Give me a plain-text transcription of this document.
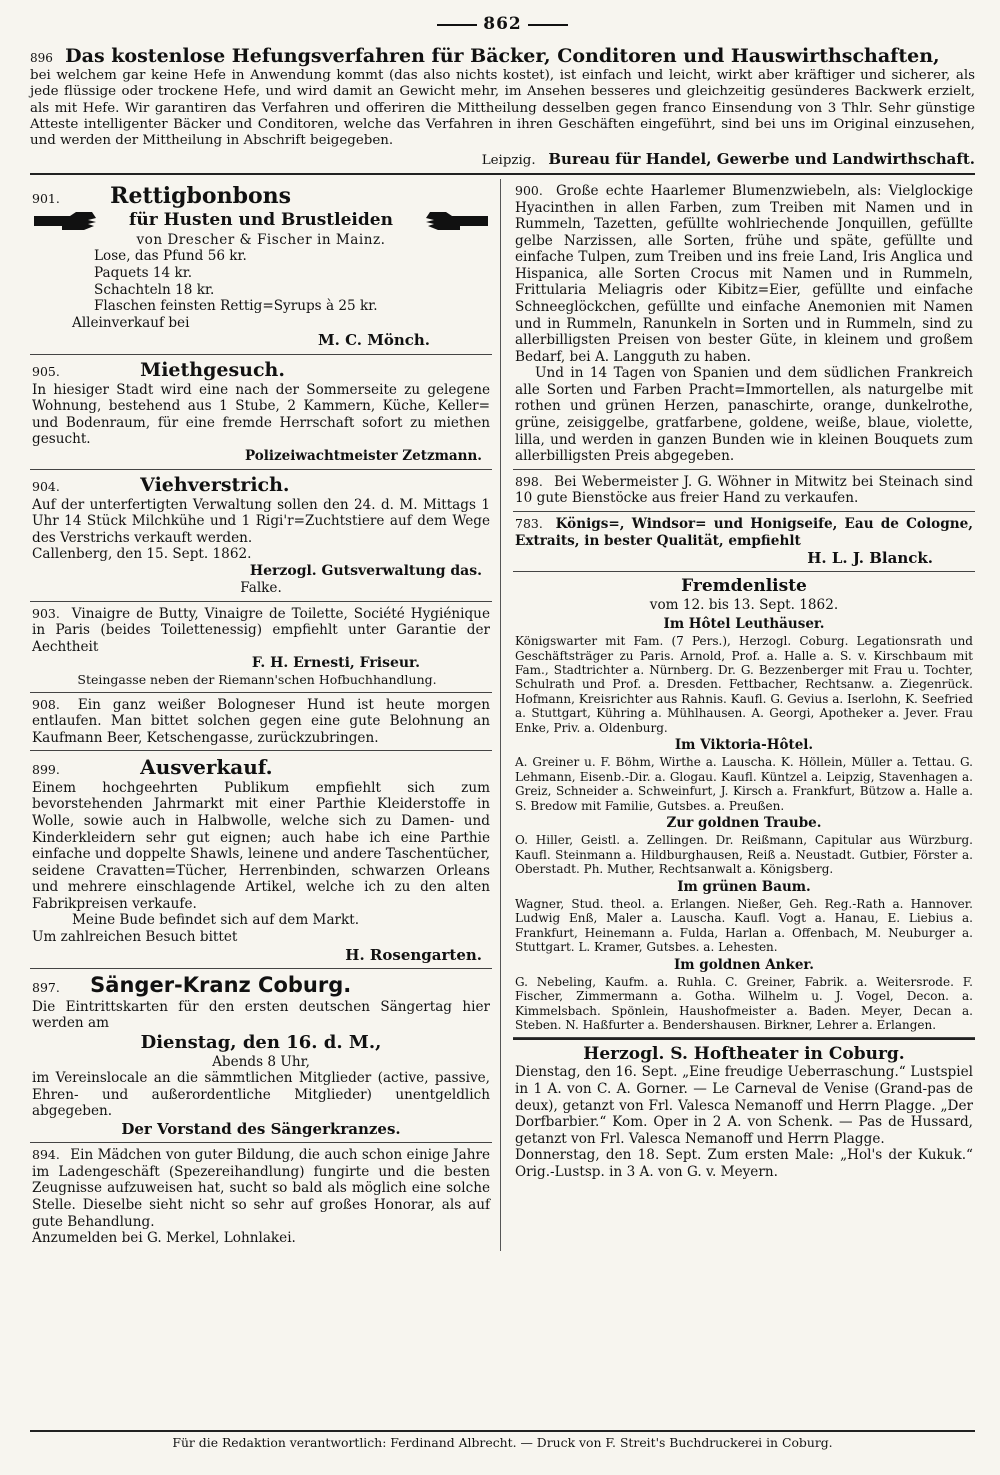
862
896 Das kostenlose Hefungsverfahren für Bäcker, Conditoren und Hauswirthschaften,
bei welchem gar keine Hefe in Anwendung kommt (das also nichts kostet), ist einfach und leicht, wirkt aber kräftiger und sicherer, als jede flüssige oder trockene Hefe, und wird damit an Gewicht mehr, im Ansehen besseres und gleichzeitig gesünderes Backwerk erzielt, als mit Hefe. Wir garantiren das Verfahren und offeriren die Mittheilung desselben gegen franco Einsendung von 3 Thlr. Sehr günstige Atteste intelligenter Bäcker und Conditoren, welche das Verfahren in ihren Geschäften eingeführt, sind bei uns im Original einzusehen, und werden der Mittheilung in Abschrift beigegeben.
Leipzig. Bureau für Handel, Gewerbe und Landwirthschaft.
901. Rettigbonbons
für Husten und Brustleiden
von Drescher & Fischer in Mainz.
Lose, das Pfund 56 kr.
Paquets 14 kr.
Schachteln 18 kr.
Flaschen feinsten Rettig=Syrups à 25 kr.
Alleinverkauf bei
M. C. Mönch.
905.	Miethgesuch.
In hiesiger Stadt wird eine nach der Sommerseite zu gelegene Wohnung, bestehend aus 1 Stube, 2 Kammern, Küche, Keller= und Bodenraum, für eine fremde Herrschaft sofort zu miethen gesucht.
Polizeiwachtmeister Zetzmann.
904.	Viehverstrich.
Auf der unterfertigten Verwaltung sollen den 24. d. M. Mittags 1 Uhr 14 Stück Milchkühe und 1 Rigi'r=Zuchtstiere auf dem Wege des Verstrichs verkauft werden.
Callenberg, den 15. Sept. 1862.
Herzogl. Gutsverwaltung das.
Falke.
903. Vinaigre de Butty, Vinaigre de Toilette, Société Hygiénique in Paris (beides Toilettenessig) empfiehlt unter Garantie der Aechtheit
F. H. Ernesti, Friseur.
Steingasse neben der Riemann'schen Hofbuchhandlung.
908. Ein ganz weißer Bologneser Hund ist heute morgen entlaufen. Man bittet solchen gegen eine gute Belohnung an Kaufmann Beer, Ketschengasse, zurückzubringen.
899.	Ausverkauf.
Einem hochgeehrten Publikum empfiehlt sich zum bevorstehenden Jahrmarkt mit einer Parthie Kleiderstoffe in Wolle, sowie auch in Halbwolle, welche sich zu Damen- und Kinderkleidern sehr gut eignen; auch habe ich eine Parthie einfache und doppelte Shawls, leinene und andere Taschentücher, seidene Cravatten=Tücher, Herrenbinden, schwarzen Orleans und mehrere einschlagende Artikel, welche ich zu den alten Fabrikpreisen verkaufe.
Meine Bude befindet sich auf dem Markt.
Um zahlreichen Besuch bittet
H. Rosengarten.
897. Sänger-Kranz Coburg.
Die Eintrittskarten für den ersten deutschen Sängertag hier werden am
Dienstag, den 16. d. M.,
Abends 8 Uhr,
im Vereinslocale an die sämmtlichen Mitglieder (active, passive, Ehren- und außerordentliche Mitglieder) unentgeldlich abgegeben.
Der Vorstand des Sängerkranzes.
894. Ein Mädchen von guter Bildung, die auch schon einige Jahre im Ladengeschäft (Spezereihandlung) fungirte und die besten Zeugnisse aufzuweisen hat, sucht so bald als möglich eine solche Stelle. Dieselbe sieht nicht so sehr auf großes Honorar, als auf gute Behandlung.
Anzumelden bei G. Merkel, Lohnlakei.
900. Große echte Haarlemer Blumenzwiebeln, als: Vielglockige Hyacinthen in allen Farben, zum Treiben mit Namen und in Rummeln, Tazetten, gefüllte wohlriechende Jonquillen, gefüllte gelbe Narzissen, alle Sorten, frühe und späte, gefüllte und einfache Tulpen, zum Treiben und ins freie Land, Iris Anglica und Hispanica, alle Sorten Crocus mit Namen und in Rummeln, Frittularia Meliagris oder Kibitz=Eier, gefüllte und einfache Schneeglöckchen, gefüllte und einfache Anemonien mit Namen und in Rummeln, Ranunkeln in Sorten und in Rummeln, sind zu allerbilligsten Preisen von bester Güte, in kleinem und großem Bedarf, bei A. Langguth zu haben.
Und in 14 Tagen von Spanien und dem südlichen Frankreich alle Sorten und Farben Pracht=Immortellen, als naturgelbe mit rothen und grünen Herzen, panaschirte, orange, dunkelrothe, grüne, zeisiggelbe, gratfarbene, goldene, weiße, blaue, violette, lilla, und werden in ganzen Bunden wie in kleinen Bouquets zum allerbilligsten Preis abgegeben.
898. Bei Webermeister J. G. Wöhner in Mitwitz bei Steinach sind 10 gute Bienstöcke aus freier Hand zu verkaufen.
783. Königs=, Windsor= und Honigseife, Eau de Cologne, Extraits, in bester Qualität, empfiehlt
H. L. J. Blanck.
Fremdenliste
vom 12. bis 13. Sept. 1862.
Im Hôtel Leuthäuser.
Königswarter mit Fam. (7 Pers.), Herzogl. Coburg. Legationsrath und Geschäftsträger zu Paris. Arnold, Prof. a. Halle a. S. v. Kirschbaum mit Fam., Stadtrichter a. Nürnberg. Dr. G. Bezzenberger mit Frau u. Tochter, Schulrath und Prof. a. Dresden. Fettbacher, Rechtsanw. a. Ziegenrück. Hofmann, Kreisrichter aus Rahnis. Kaufl. G. Gevius a. Iserlohn, K. Seefried a. Stuttgart, Kühring a. Mühlhausen. A. Georgi, Apotheker a. Jever. Frau Enke, Priv. a. Oldenburg.
Im Viktoria-Hôtel.
A. Greiner u. F. Böhm, Wirthe a. Lauscha. K. Höllein, Müller a. Tettau. G. Lehmann, Eisenb.-Dir. a. Glogau. Kaufl. Küntzel a. Leipzig, Stavenhagen a. Greiz, Schneider a. Schweinfurt, J. Kirsch a. Frankfurt, Bützow a. Halle a. S. Bredow mit Familie, Gutsbes. a. Preußen.
Zur goldnen Traube.
O. Hiller, Geistl. a. Zellingen. Dr. Reißmann, Capitular aus Würzburg. Kaufl. Steinmann a. Hildburghausen, Reiß a. Neustadt. Gutbier, Förster a. Oberstadt. Ph. Muther, Rechtsanwalt a. Königsberg.
Im grünen Baum.
Wagner, Stud. theol. a. Erlangen. Nießer, Geh. Reg.-Rath a. Hannover. Ludwig Enß, Maler a. Lauscha. Kaufl. Vogt a. Hanau, E. Liebius a. Frankfurt, Heinemann a. Fulda, Harlan a. Offenbach, M. Neuburger a. Stuttgart. L. Kramer, Gutsbes. a. Lehesten.
Im goldnen Anker.
G. Nebeling, Kaufm. a. Ruhla. C. Greiner, Fabrik. a. Weitersrode. F. Fischer, Zimmermann a. Gotha. Wilhelm u. J. Vogel, Decon. a. Kimmelsbach. Spönlein, Haushofmeister a. Baden. Meyer, Decan a. Steben. N. Haßfurter a. Bendershausen. Birkner, Lehrer a. Erlangen.
Herzogl. S. Hoftheater in Coburg.
Dienstag, den 16. Sept. „Eine freudige Ueberraschung.“ Lustspiel in 1 A. von C. A. Gorner. — Le Carneval de Venise (Grand-pas de deux), getanzt von Frl. Valesca Nemanoff und Herrn Plagge. „Der Dorfbarbier.“ Kom. Oper in 2 A. von Schenk. — Pas de Hussard, getanzt von Frl. Valesca Nemanoff und Herrn Plagge.
Donnerstag, den 18. Sept. Zum ersten Male: „Hol's der Kukuk.“ Orig.-Lustsp. in 3 A. von G. v. Meyern.
Für die Redaktion verantwortlich: Ferdinand Albrecht. — Druck von F. Streit's Buchdruckerei in Coburg.
